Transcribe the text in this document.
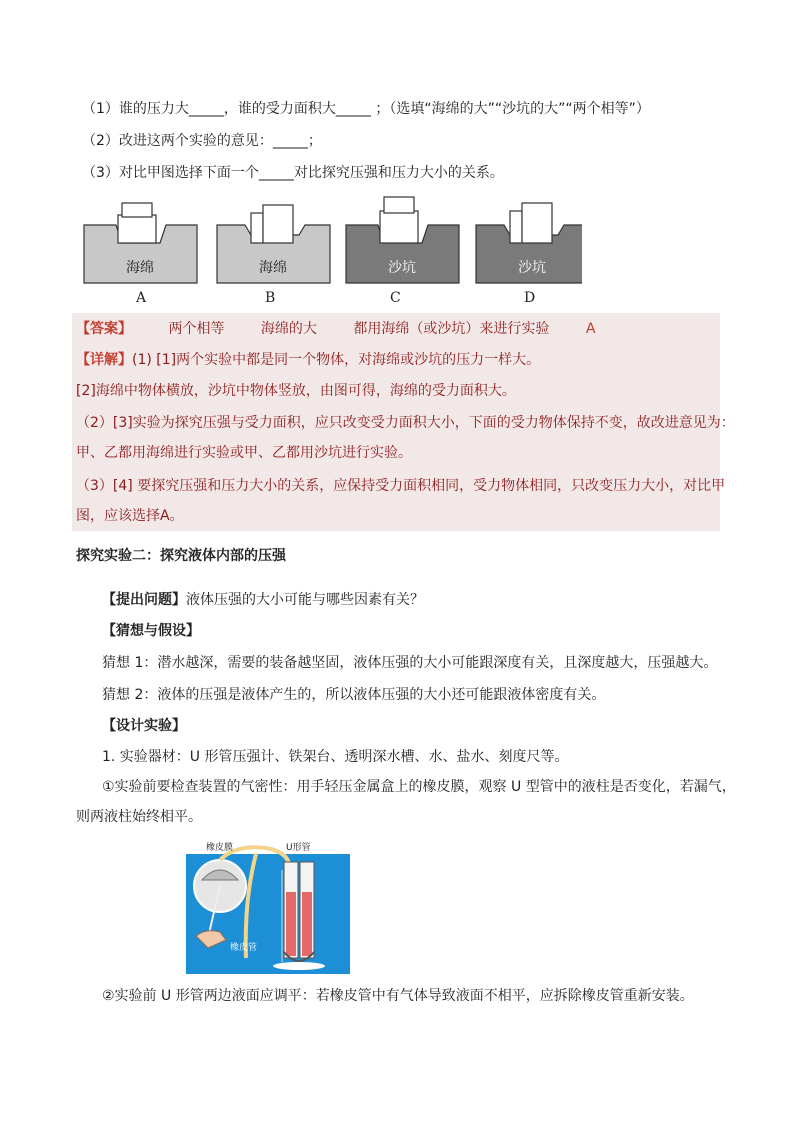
（1）谁的压力大_____，谁的受力面积大_____ ；（选填“海绵的大”“沙坑的大”“两个相等”）
（2）改进这两个实验的意见：_____；
（3）对比甲图选择下面一个_____对比探究压强和压力大小的关系。
海绵	海绵	沙坑	沙坑
A	B	C	D
【答案】	两个相等	海绵的大	都用海绵（或沙坑）来进行实验	A
【详解】(1) [1]两个实验中都是同一个物体，对海绵或沙坑的压力一样大。
[2]海绵中物体横放，沙坑中物体竖放，由图可得，海绵的受力面积大。
（2）[3]实验为探究压强与受力面积，应只改变受力面积大小，下面的受力物体保持不变，故改进意见为：
甲、乙都用海绵进行实验或甲、乙都用沙坑进行实验。
（3）[4] 要探究压强和压力大小的关系，应保持受力面积相同，受力物体相同，只改变压力大小，对比甲
图，应该选择A。
探究实验二：探究液体内部的压强
【提出问题】液体压强的大小可能与哪些因素有关？
【猜想与假设】
猜想 1：潜水越深，需要的装备越坚固，液体压强的大小可能跟深度有关，且深度越大，压强越大。
猜想 2：液体的压强是液体产生的，所以液体压强的大小还可能跟液体密度有关。
【设计实验】
1. 实验器材：U 形管压强计、铁架台、透明深水槽、水、盐水、刻度尺等。
①实验前要检查装置的气密性：用手轻压金属盒上的橡皮膜，观察 U 型管中的液柱是否变化，若漏气，
则两液柱始终相平。
橡皮膜	U形管
橡皮管
②实验前 U 形管两边液面应调平：若橡皮管中有气体导致液面不相平，应拆除橡皮管重新安装。
